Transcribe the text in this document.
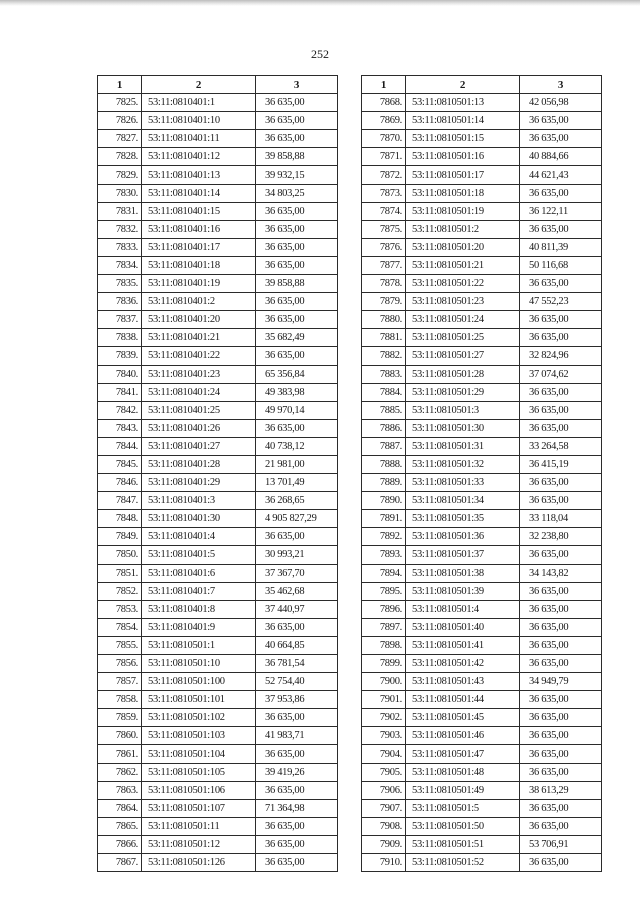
252
1	2	3
7825.	53:11:0810401:1	36 635,00
7826.	53:11:0810401:10	36 635,00
7827.	53:11:0810401:11	36 635,00
7828.	53:11:0810401:12	39 858,88
7829.	53:11:0810401:13	39 932,15
7830.	53:11:0810401:14	34 803,25
7831.	53:11:0810401:15	36 635,00
7832.	53:11:0810401:16	36 635,00
7833.	53:11:0810401:17	36 635,00
7834.	53:11:0810401:18	36 635,00
7835.	53:11:0810401:19	39 858,88
7836.	53:11:0810401:2	36 635,00
7837.	53:11:0810401:20	36 635,00
7838.	53:11:0810401:21	35 682,49
7839.	53:11:0810401:22	36 635,00
7840.	53:11:0810401:23	65 356,84
7841.	53:11:0810401:24	49 383,98
7842.	53:11:0810401:25	49 970,14
7843.	53:11:0810401:26	36 635,00
7844.	53:11:0810401:27	40 738,12
7845.	53:11:0810401:28	21 981,00
7846.	53:11:0810401:29	13 701,49
7847.	53:11:0810401:3	36 268,65
7848.	53:11:0810401:30	4 905 827,29
7849.	53:11:0810401:4	36 635,00
7850.	53:11:0810401:5	30 993,21
7851.	53:11:0810401:6	37 367,70
7852.	53:11:0810401:7	35 462,68
7853.	53:11:0810401:8	37 440,97
7854.	53:11:0810401:9	36 635,00
7855.	53:11:0810501:1	40 664,85
7856.	53:11:0810501:10	36 781,54
7857.	53:11:0810501:100	52 754,40
7858.	53:11:0810501:101	37 953,86
7859.	53:11:0810501:102	36 635,00
7860.	53:11:0810501:103	41 983,71
7861.	53:11:0810501:104	36 635,00
7862.	53:11:0810501:105	39 419,26
7863.	53:11:0810501:106	36 635,00
7864.	53:11:0810501:107	71 364,98
7865.	53:11:0810501:11	36 635,00
7866.	53:11:0810501:12	36 635,00
7867.	53:11:0810501:126	36 635,00
1	2	3
7868.	53:11:0810501:13	42 056,98
7869.	53:11:0810501:14	36 635,00
7870.	53:11:0810501:15	36 635,00
7871.	53:11:0810501:16	40 884,66
7872.	53:11:0810501:17	44 621,43
7873.	53:11:0810501:18	36 635,00
7874.	53:11:0810501:19	36 122,11
7875.	53:11:0810501:2	36 635,00
7876.	53:11:0810501:20	40 811,39
7877.	53:11:0810501:21	50 116,68
7878.	53:11:0810501:22	36 635,00
7879.	53:11:0810501:23	47 552,23
7880.	53:11:0810501:24	36 635,00
7881.	53:11:0810501:25	36 635,00
7882.	53:11:0810501:27	32 824,96
7883.	53:11:0810501:28	37 074,62
7884.	53:11:0810501:29	36 635,00
7885.	53:11:0810501:3	36 635,00
7886.	53:11:0810501:30	36 635,00
7887.	53:11:0810501:31	33 264,58
7888.	53:11:0810501:32	36 415,19
7889.	53:11:0810501:33	36 635,00
7890.	53:11:0810501:34	36 635,00
7891.	53:11:0810501:35	33 118,04
7892.	53:11:0810501:36	32 238,80
7893.	53:11:0810501:37	36 635,00
7894.	53:11:0810501:38	34 143,82
7895.	53:11:0810501:39	36 635,00
7896.	53:11:0810501:4	36 635,00
7897.	53:11:0810501:40	36 635,00
7898.	53:11:0810501:41	36 635,00
7899.	53:11:0810501:42	36 635,00
7900.	53:11:0810501:43	34 949,79
7901.	53:11:0810501:44	36 635,00
7902.	53:11:0810501:45	36 635,00
7903.	53:11:0810501:46	36 635,00
7904.	53:11:0810501:47	36 635,00
7905.	53:11:0810501:48	36 635,00
7906.	53:11:0810501:49	38 613,29
7907.	53:11:0810501:5	36 635,00
7908.	53:11:0810501:50	36 635,00
7909.	53:11:0810501:51	53 706,91
7910.	53:11:0810501:52	36 635,00
